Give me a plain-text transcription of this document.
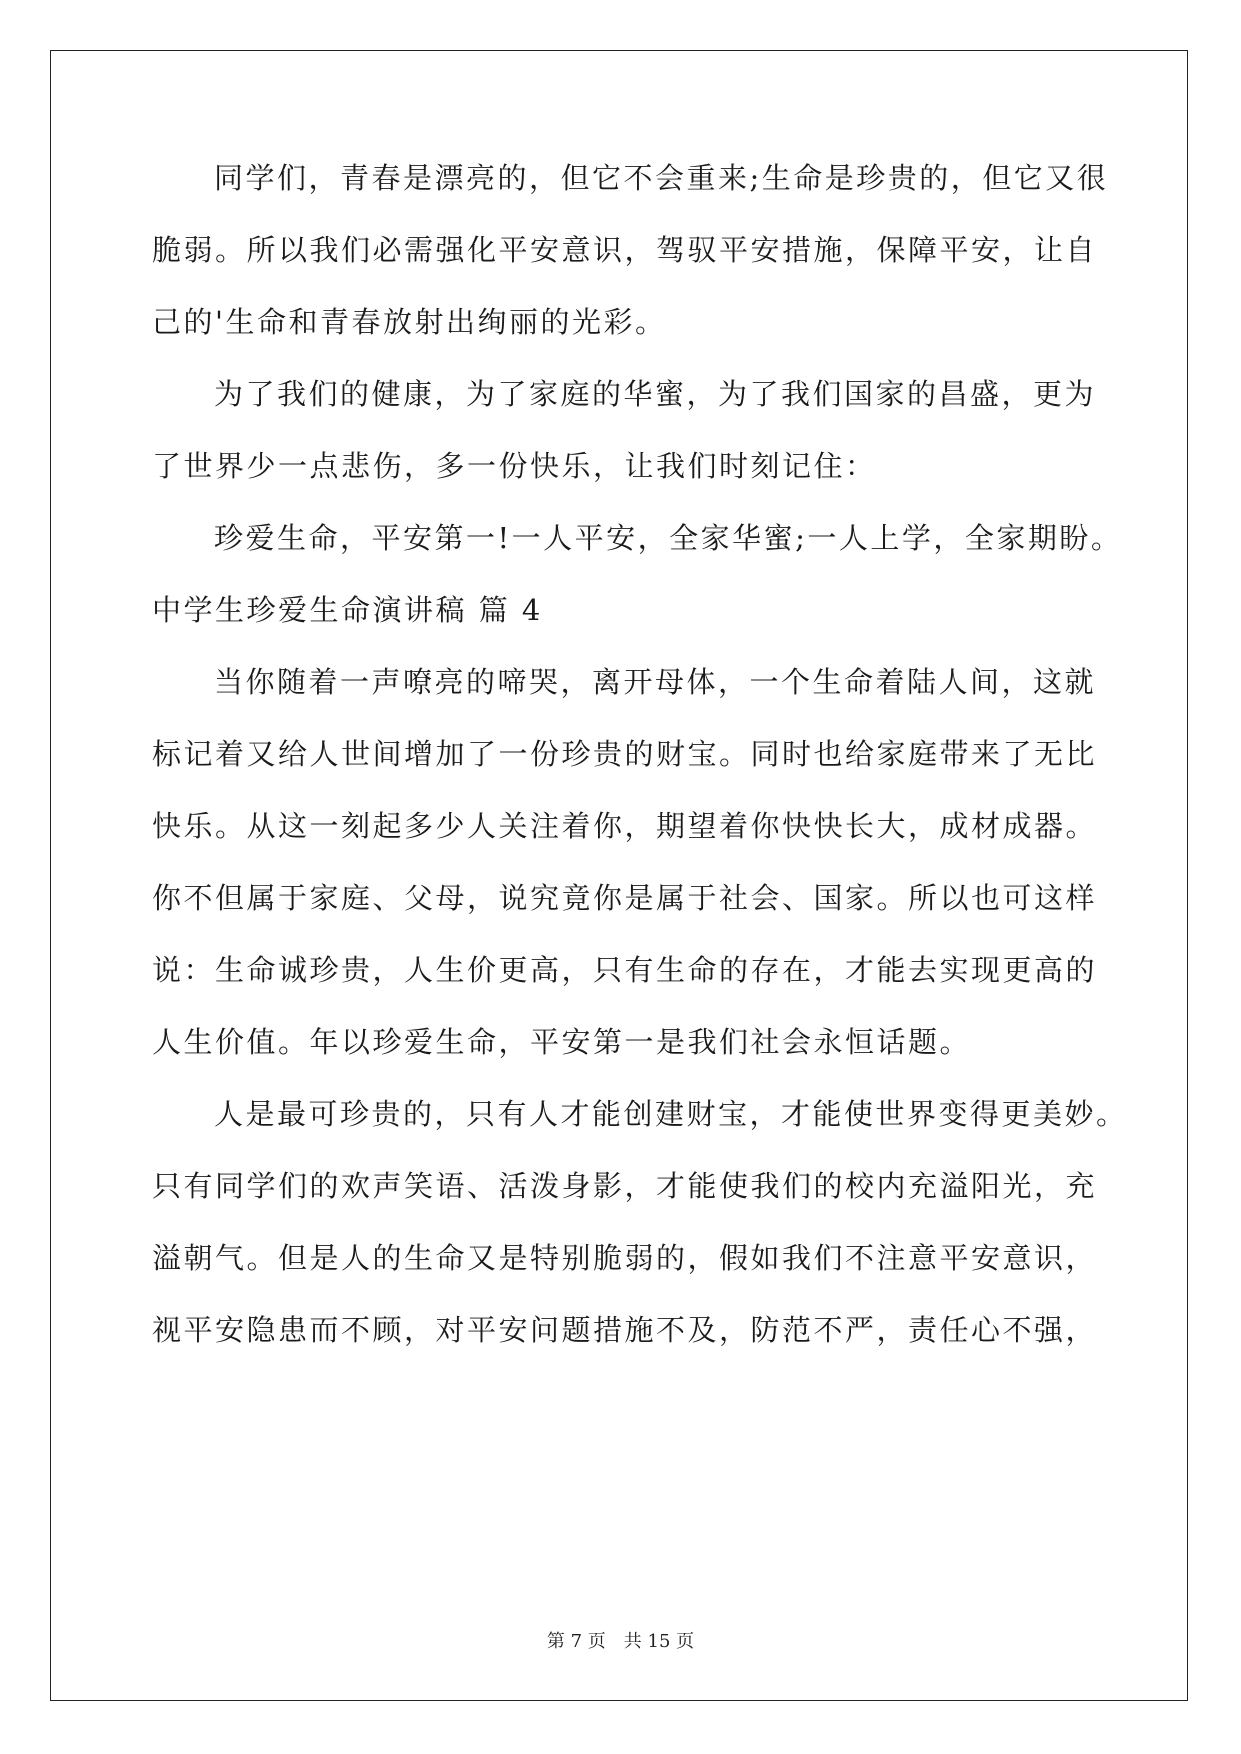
同学们，青春是漂亮的，但它不会重来;生命是珍贵的，但它又很
脆弱。所以我们必需强化平安意识，驾驭平安措施，保障平安，让自
己的'生命和青春放射出绚丽的光彩。
为了我们的健康，为了家庭的华蜜，为了我们国家的昌盛，更为
了世界少一点悲伤，多一份快乐，让我们时刻记住：
珍爱生命，平安第一!一人平安，全家华蜜;一人上学，全家期盼。
中学生珍爱生命演讲稿 篇 4
当你随着一声嘹亮的啼哭，离开母体，一个生命着陆人间，这就
标记着又给人世间增加了一份珍贵的财宝。同时也给家庭带来了无比
快乐。从这一刻起多少人关注着你，期望着你快快长大，成材成器。
你不但属于家庭、父母，说究竟你是属于社会、国家。所以也可这样
说：生命诚珍贵，人生价更高，只有生命的存在，才能去实现更高的
人生价值。年以珍爱生命，平安第一是我们社会永恒话题。
人是最可珍贵的，只有人才能创建财宝，才能使世界变得更美妙。
只有同学们的欢声笑语、活泼身影，才能使我们的校内充溢阳光，充
溢朝气。但是人的生命又是特别脆弱的，假如我们不注意平安意识，
视平安隐患而不顾，对平安问题措施不及，防范不严，责任心不强，
第 7 页　共 15 页
